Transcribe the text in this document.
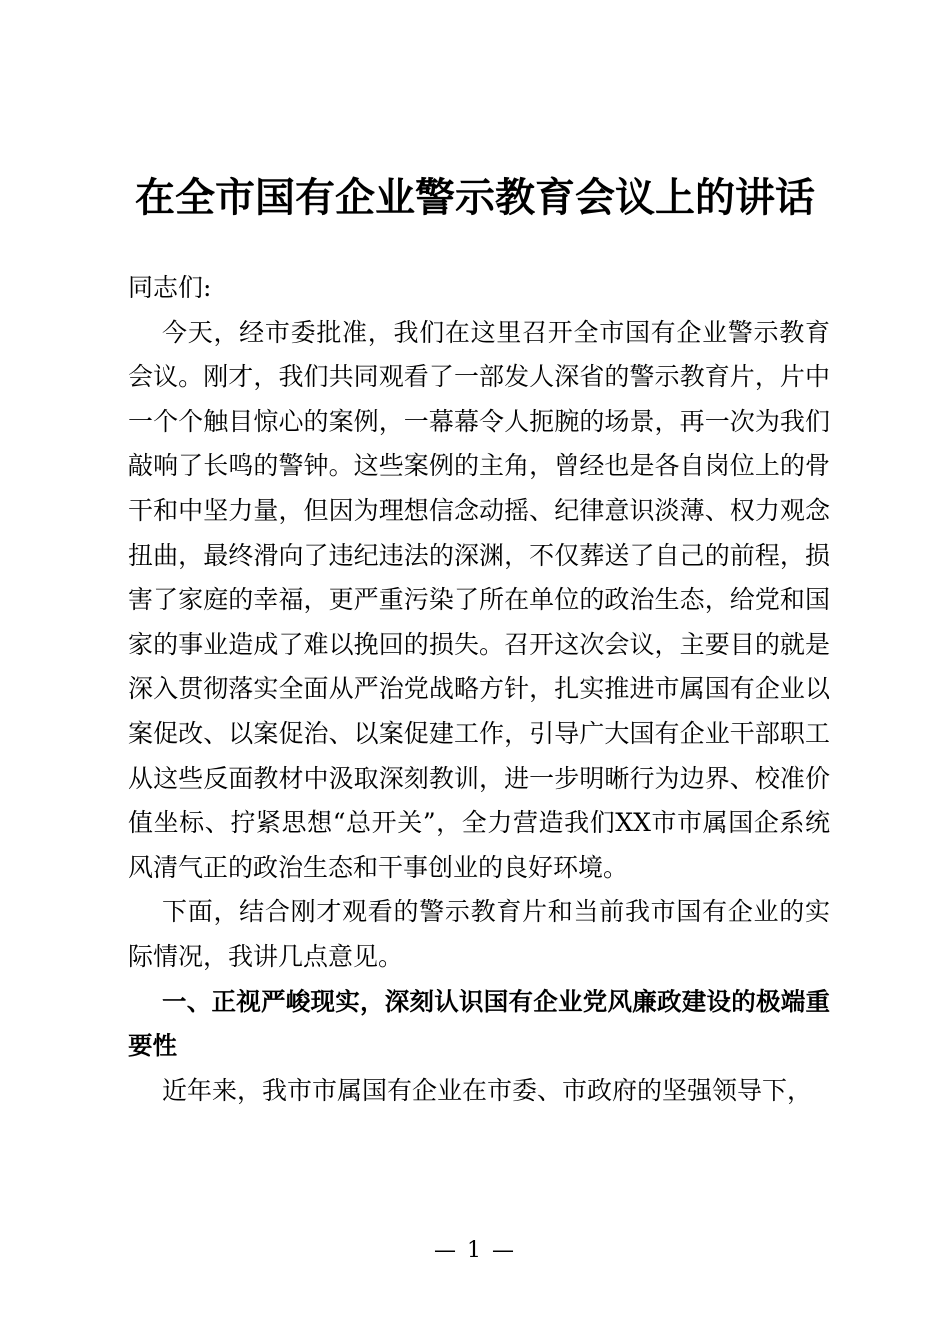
在全市国有企业警示教育会议上的讲话

同志们:

今天，经市委批准，我们在这里召开全市国有企业警示教育会议。刚才，我们共同观看了一部发人深省的警示教育片，片中一个个触目惊心的案例，一幕幕令人扼腕的场景，再一次为我们敲响了长鸣的警钟。这些案例的主角，曾经也是各自岗位上的骨干和中坚力量，但因为理想信念动摇、纪律意识淡薄、权力观念扭曲，最终滑向了违纪违法的深渊，不仅葬送了自己的前程，损害了家庭的幸福，更严重污染了所在单位的政治生态，给党和国家的事业造成了难以挽回的损失。召开这次会议，主要目的就是深入贯彻落实全面从严治党战略方针，扎实推进市属国有企业以案促改、以案促治、以案促建工作，引导广大国有企业干部职工从这些反面教材中汲取深刻教训，进一步明晰行为边界、校准价值坐标、拧紧思想“总开关”，全力营造我们XX市市属国企系统风清气正的政治生态和干事创业的良好环境。

下面，结合刚才观看的警示教育片和当前我市国有企业的实际情况，我讲几点意见。

一、正视严峻现实，深刻认识国有企业党风廉政建设的极端重要性

近年来，我市市属国有企业在市委、市政府的坚强领导下，

— 1 —
